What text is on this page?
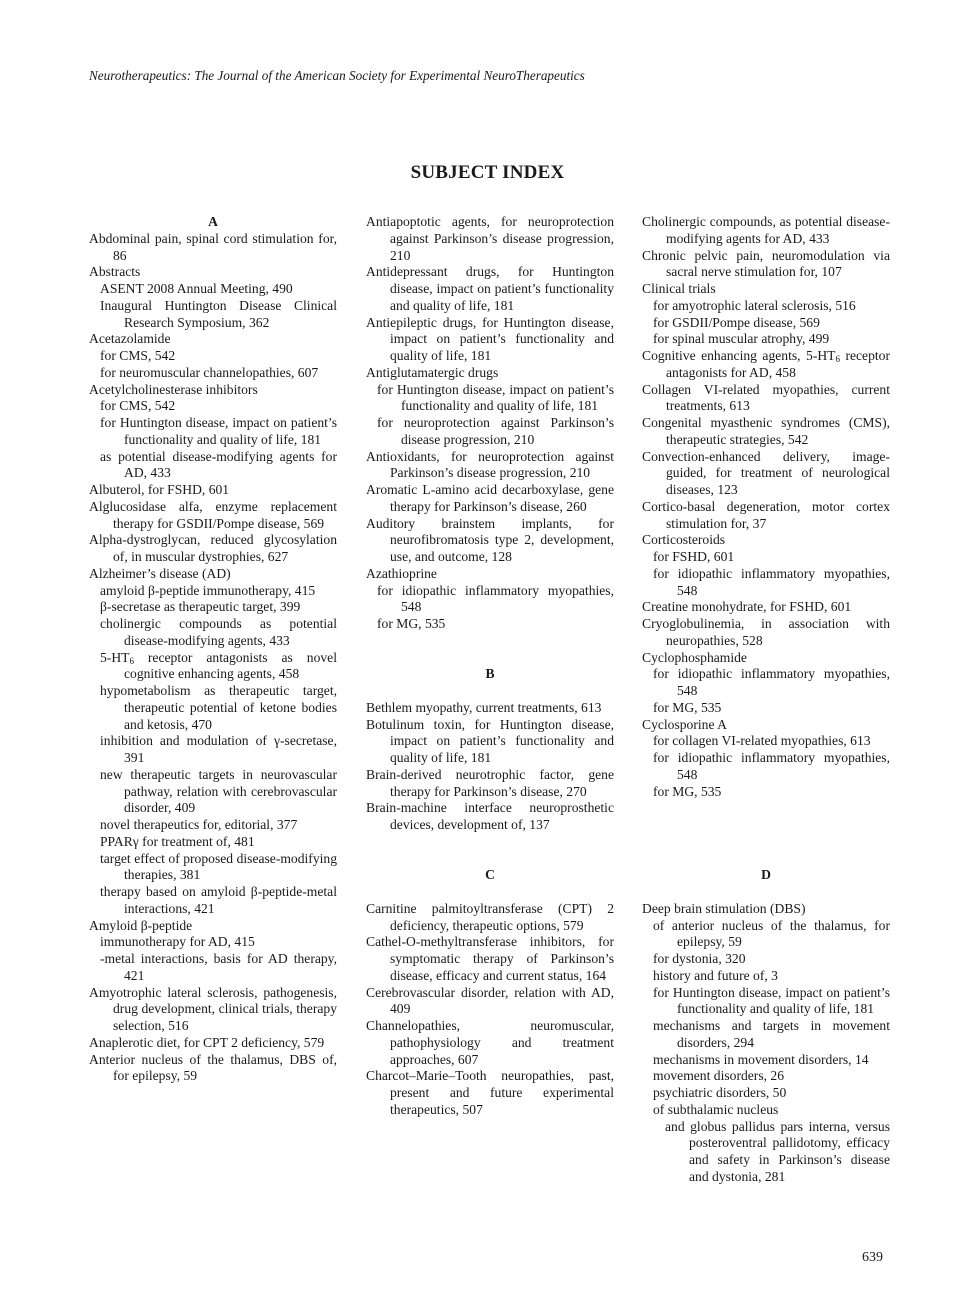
Neurotherapeutics: The Journal of the American Society for Experimental NeuroTherapeutics
SUBJECT INDEX
A
Abdominal pain, spinal cord stimulation for, 86
Abstracts
ASENT 2008 Annual Meeting, 490
Inaugural Huntington Disease Clinical Research Symposium, 362
Acetazolamide
for CMS, 542
for neuromuscular channelopathies, 607
Acetylcholinesterase inhibitors
for CMS, 542
for Huntington disease, impact on patient’s functionality and quality of life, 181
as potential disease-modifying agents for AD, 433
Albuterol, for FSHD, 601
Alglucosidase alfa, enzyme replacement therapy for GSDII/Pompe disease, 569
Alpha-dystroglycan, reduced glycosylation of, in muscular dystrophies, 627
Alzheimer’s disease (AD)
amyloid β-peptide immunotherapy, 415
β-secretase as therapeutic target, 399
cholinergic compounds as potential disease-modifying agents, 433
$5-HT_6$ receptor antagonists as novel cognitive enhancing agents, 458
hypometabolism as therapeutic target, therapeutic potential of ketone bodies and ketosis, 470
inhibition and modulation of γ-secretase, 391
new therapeutic targets in neurovascular pathway, relation with cerebrovascular disorder, 409
novel therapeutics for, editorial, 377
PPARγ for treatment of, 481
target effect of proposed disease-modifying therapies, 381
therapy based on amyloid β-peptide-metal interactions, 421
Amyloid β-peptide
immunotherapy for AD, 415
-metal interactions, basis for AD therapy, 421
Amyotrophic lateral sclerosis, pathogenesis, drug development, clinical trials, therapy selection, 516
Anaplerotic diet, for CPT 2 deficiency, 579
Anterior nucleus of the thalamus, DBS of, for epilepsy, 59
Antiapoptotic agents, for neuroprotection against Parkinson’s disease progression, 210
Antidepressant drugs, for Huntington disease, impact on patient’s functionality and quality of life, 181
Antiepileptic drugs, for Huntington disease, impact on patient’s functionality and quality of life, 181
Antiglutamatergic drugs
for Huntington disease, impact on patient’s functionality and quality of life, 181
for neuroprotection against Parkinson’s disease progression, 210
Antioxidants, for neuroprotection against Parkinson’s disease progression, 210
Aromatic L-amino acid decarboxylase, gene therapy for Parkinson’s disease, 260
Auditory brainstem implants, for neurofibromatosis type 2, development, use, and outcome, 128
Azathioprine
for idiopathic inflammatory myopathies, 548
for MG, 535
B
Bethlem myopathy, current treatments, 613
Botulinum toxin, for Huntington disease, impact on patient’s functionality and quality of life, 181
Brain-derived neurotrophic factor, gene therapy for Parkinson’s disease, 270
Brain-machine interface neuroprosthetic devices, development of, 137
C
Carnitine palmitoyltransferase (CPT) 2 deficiency, therapeutic options, 579
Cathel-O-methyltransferase inhibitors, for symptomatic therapy of Parkinson’s disease, efficacy and current status, 164
Cerebrovascular disorder, relation with AD, 409
Channelopathies, neuromuscular, pathophysiology and treatment approaches, 607
Charcot–Marie–Tooth neuropathies, past, present and future experimental therapeutics, 507
Cholinergic compounds, as potential disease-modifying agents for AD, 433
Chronic pelvic pain, neuromodulation via sacral nerve stimulation for, 107
Clinical trials
for amyotrophic lateral sclerosis, 516
for GSDII/Pompe disease, 569
for spinal muscular atrophy, 499
Cognitive enhancing agents, $5-HT_6$ receptor antagonists for AD, 458
Collagen VI-related myopathies, current treatments, 613
Congenital myasthenic syndromes (CMS), therapeutic strategies, 542
Convection-enhanced delivery, image-guided, for treatment of neurological diseases, 123
Cortico-basal degeneration, motor cortex stimulation for, 37
Corticosteroids
for FSHD, 601
for idiopathic inflammatory myopathies, 548
Creatine monohydrate, for FSHD, 601
Cryoglobulinemia, in association with neuropathies, 528
Cyclophosphamide
for idiopathic inflammatory myopathies, 548
for MG, 535
Cyclosporine A
for collagen VI-related myopathies, 613
for idiopathic inflammatory myopathies, 548
for MG, 535
D
Deep brain stimulation (DBS)
of anterior nucleus of the thalamus, for epilepsy, 59
for dystonia, 320
history and future of, 3
for Huntington disease, impact on patient’s functionality and quality of life, 181
mechanisms and targets in movement disorders, 294
mechanisms in movement disorders, 14
movement disorders, 26
psychiatric disorders, 50
of subthalamic nucleus
and globus pallidus pars interna, versus posteroventral pallidotomy, efficacy and safety in Parkinson’s disease and dystonia, 281
639
